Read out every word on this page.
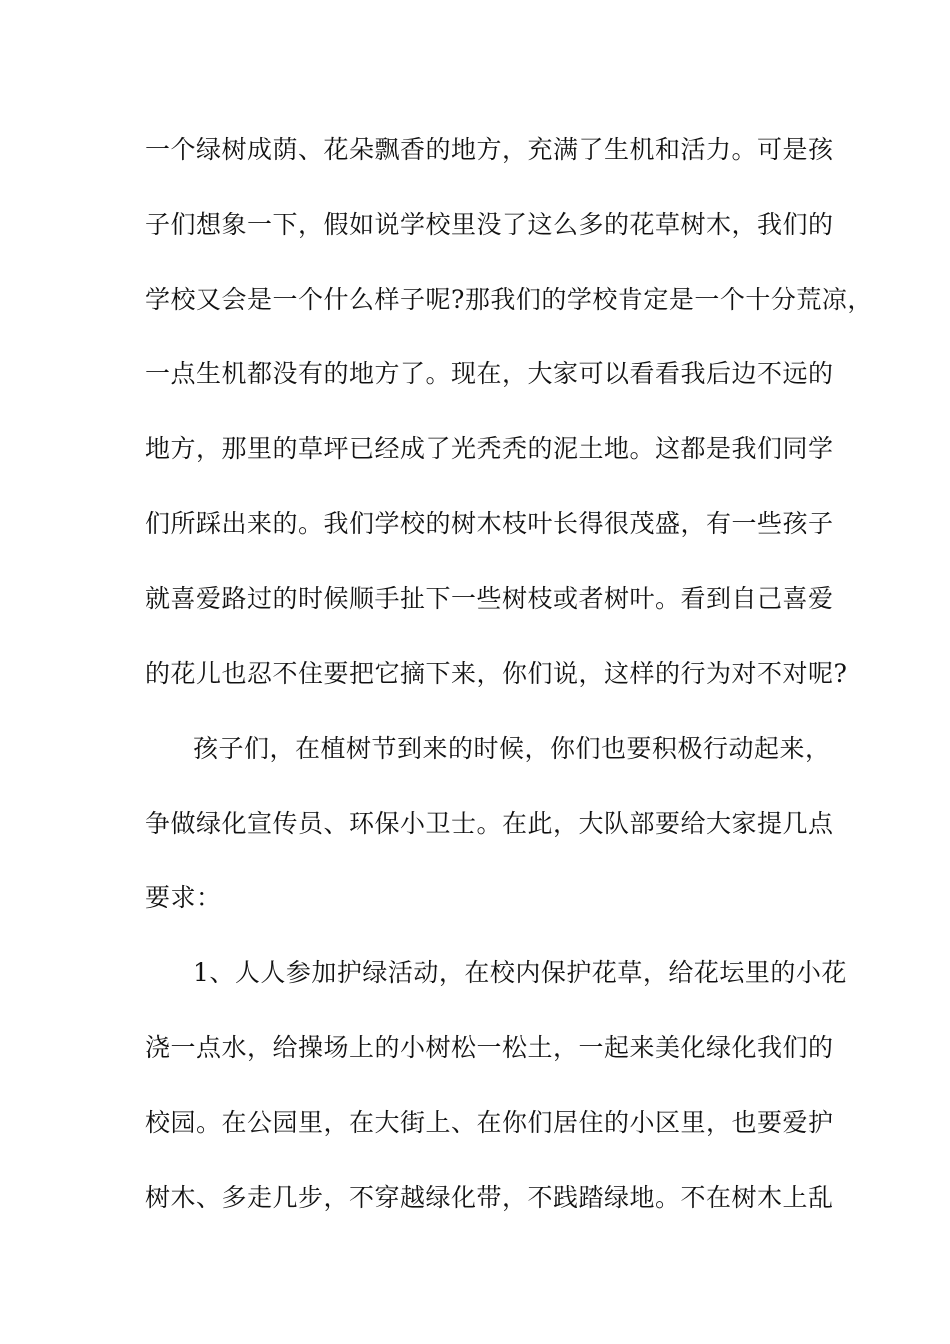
一个绿树成荫、花朵飘香的地方，充满了生机和活力。可是孩
子们想象一下，假如说学校里没了这么多的花草树木，我们的
学校又会是一个什么样子呢?那我们的学校肯定是一个十分荒凉，
一点生机都没有的地方了。现在，大家可以看看我后边不远的
地方，那里的草坪已经成了光秃秃的泥土地。这都是我们同学
们所踩出来的。我们学校的树木枝叶长得很茂盛，有一些孩子
就喜爱路过的时候顺手扯下一些树枝或者树叶。看到自己喜爱
的花儿也忍不住要把它摘下来，你们说，这样的行为对不对呢?
孩子们，在植树节到来的时候，你们也要积极行动起来，
争做绿化宣传员、环保小卫士。在此，大队部要给大家提几点
要求：
1、人人参加护绿活动，在校内保护花草，给花坛里的小花
浇一点水，给操场上的小树松一松土，一起来美化绿化我们的
校园。在公园里，在大街上、在你们居住的小区里，也要爱护
树木、多走几步，不穿越绿化带，不践踏绿地。不在树木上乱
